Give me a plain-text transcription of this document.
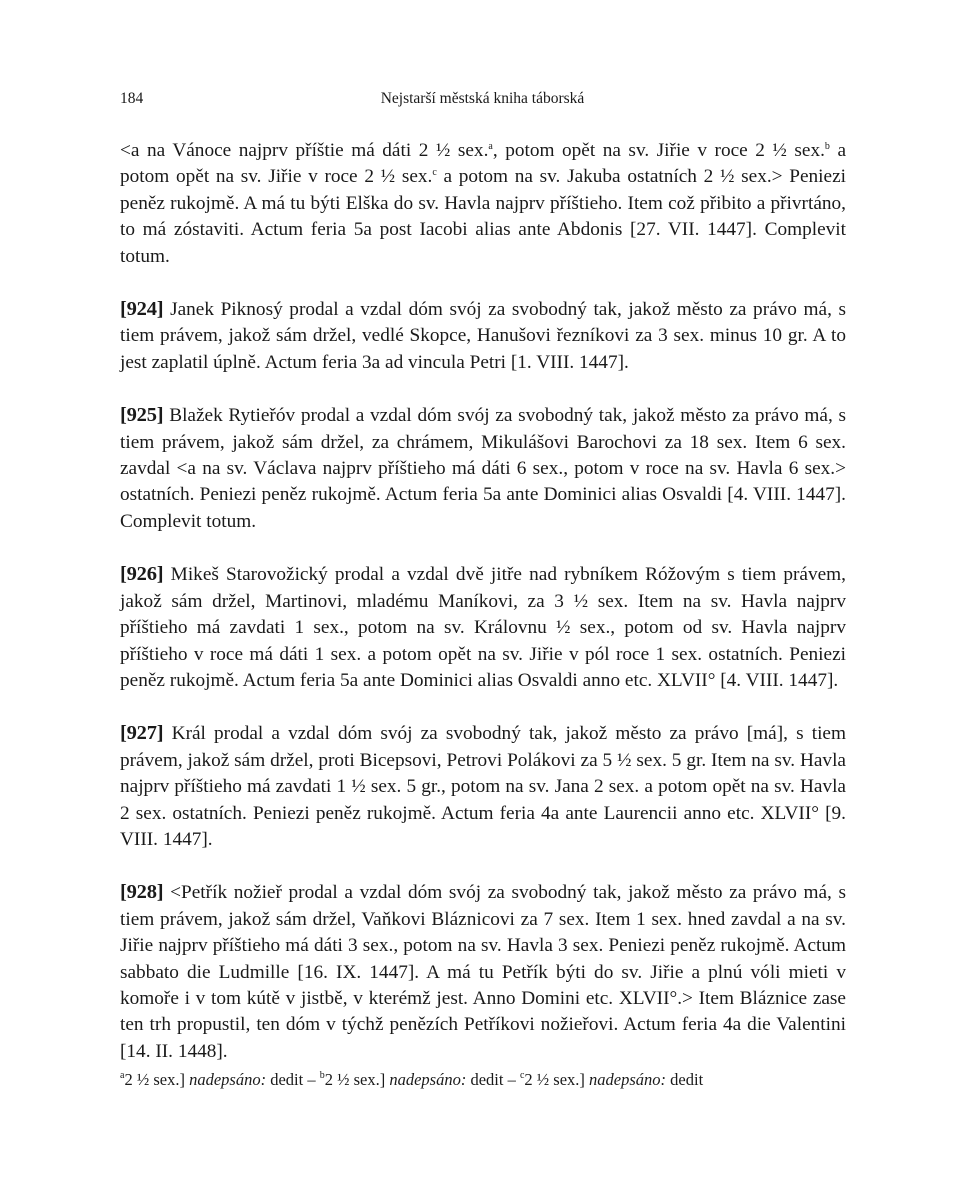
184	Nejstarší městská kniha táborská

<a na Vánoce najprv příštie má dáti 2 ½ sex.$^a$, potom opět na sv. Jiřie v roce 2 ½ sex.$^b$ a potom opět na sv. Jiřie v roce 2 ½ sex.$^c$ a potom na sv. Jakuba ostatních 2 ½ sex.> Peniezi peněz rukojmě. A má tu býti Elška do sv. Havla najprv příštieho. Item což přibito a přivrtáno, to má zóstaviti. Actum feria 5a post Iacobi alias ante Abdonis [27. VII. 1447]. Complevit totum.

[924] Janek Piknosý prodal a vzdal dóm svój za svobodný tak, jakož město za právo má, s tiem právem, jakož sám držel, vedlé Skopce, Hanušovi řezníkovi za 3 sex. minus 10 gr. A to jest zaplatil úplně. Actum feria 3a ad vincula Petri [1. VIII. 1447].

[925] Blažek Rytieřóv prodal a vzdal dóm svój za svobodný tak, jakož město za právo má, s tiem právem, jakož sám držel, za chrámem, Mikulášovi Barochovi za 18 sex. Item 6 sex. zavdal <a na sv. Václava najprv příštieho má dáti 6 sex., potom v roce na sv. Havla 6 sex.> ostatních. Peniezi peněz rukojmě. Actum feria 5a ante Dominici alias Osvaldi [4. VIII. 1447]. Complevit totum.

[926] Mikeš Starovožický prodal a vzdal dvě jitře nad rybníkem Róžovým s tiem právem, jakož sám držel, Martinovi, mladému Maníkovi, za 3 ½ sex. Item na sv. Havla najprv příštieho má zavdati 1 sex., potom na sv. Královnu ½ sex., potom od sv. Havla najprv příštieho v roce má dáti 1 sex. a potom opět na sv. Jiřie v pól roce 1 sex. ostatních. Peniezi peněz rukojmě. Actum feria 5a ante Dominici alias Osvaldi anno etc. XLVII° [4. VIII. 1447].

[927] Král prodal a vzdal dóm svój za svobodný tak, jakož město za právo [má], s tiem právem, jakož sám držel, proti Bicepsovi, Petrovi Polákovi za 5 ½ sex. 5 gr. Item na sv. Havla najprv příštieho má zavdati 1 ½ sex. 5 gr., potom na sv. Jana 2 sex. a potom opět na sv. Havla 2 sex. ostatních. Peniezi peněz rukojmě. Actum feria 4a ante Laurencii anno etc. XLVII° [9. VIII. 1447].

[928] <Petřík nožieř prodal a vzdal dóm svój za svobodný tak, jakož město za právo má, s tiem právem, jakož sám držel, Vaňkovi Bláznicovi za 7 sex. Item 1 sex. hned zavdal a na sv. Jiřie najprv příštieho má dáti 3 sex., potom na sv. Havla 3 sex. Peniezi peněz rukojmě. Actum sabbato die Ludmille [16. IX. 1447]. A má tu Petřík býti do sv. Jiřie a plnú vóli mieti v komoře i v tom kútě v jistbě, v kterémž jest. Anno Domini etc. XLVII°.> Item Bláznice zase ten trh propustil, ten dóm v týchž penězích Petříkovi nožieřovi. Actum feria 4a die Valentini [14. II. 1448].

$^a$2 ½ sex.] nadepsáno: dedit – $^b$2 ½ sex.] nadepsáno: dedit – $^c$2 ½ sex.] nadepsáno: dedit
